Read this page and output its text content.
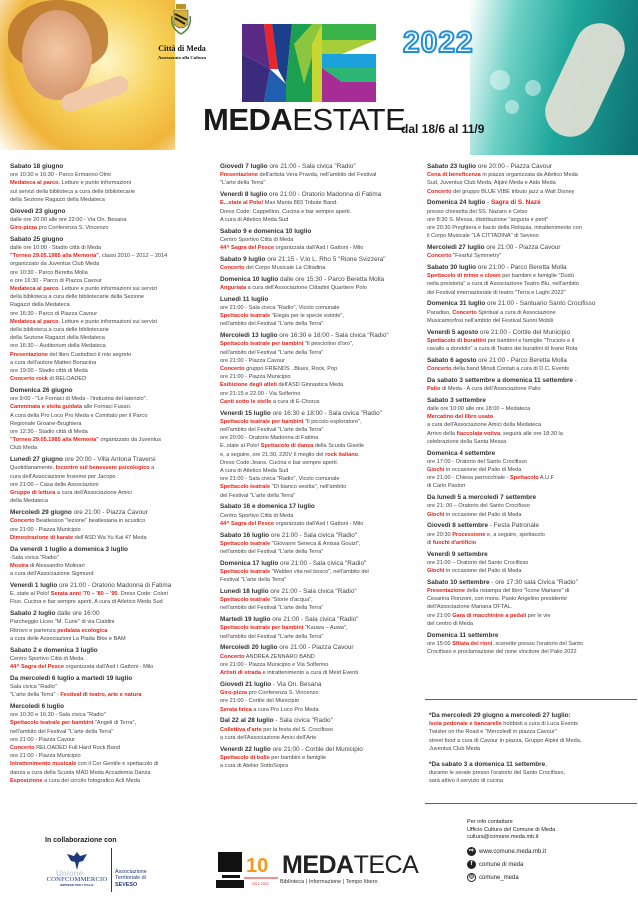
Città di Meda
Assessorato alla Cultura	2022
MEDAESTATE
dal 18/6 al 11/9
Sabato 18 giugno
ore 10:30 e 16:30 - Parco Ermanno Olmi
Medateca al parco. Letture e punto informazioni
sui servizi della biblioteca a cura delle bibliotecarie
della Sezione Ragazzi della Medateca
Giovedì 23 giugno
dalle ore 20:00 alle ore 22:00 - Via On. Besana
Giro-pizza pro Conferenza S. Vincenzo
Sabato 25 giugno
dalle ore 10:00 - Stadio città di Meda
"Torneo 29.05.1985 alla Memoria", classi 2010 – 2012 – 2014
organizzato da Juventus Club Meda
ore 10:30 - Parco Beretta Molla
e ore 16:30 - Parco di Piazza Cavour
Medateca al parco. Letture e punto informazioni sui servizi
della biblioteca a cura delle bibliotecarie della Sezione
Ragazzi della Medateca
ore 16:30 - Parco di Piazza Cavour
Medateca al parco. Letture e punto informazioni sui servizi
della biblioteca a cura delle bibliotecarie
della Sezione Ragazzi della Medateca
ore 16:30 – Auditorium della Medateca
Presentazione del libro Custodisci il mio segreto
a cura dell'autore Matteo Bonacina
ore 19:00 - Stadio città di Meda
Concerto rock di RELOADED
Domenica 26 giugno
ore 9:00 - "Le Fornaci di Meda - l'industria del laterizio".
Camminata e visita guidata alle Fornaci Fusari.
A cura della Pro Loco Pro Meda e Comitato per il Parco
Regionale Groane-Brughiera
ore 12:30 - Stadio città di Meda
"Torneo 29.05.1985 alla Memoria" organizzato da Juventus
Club Meda
Lunedì 27 giugno ore 20:00 - Villa Antona Traversi
Quotidianamente, Incontro sul benessere psicologico a
cura dell'Associazione Insieme per Jacopo
ore 21:00 – Casa delle Associazioni
Gruppo di lettura a cura dell'Associazione Amici
della Medateca
Mercoledì 29 giugno ore 21:00 - Piazza Cavour
Concerto Beatlesson "lezione" beatlesiana in acustico
ore 21:00 - Piazza Municipio
Dimostrazione di karate dell'ASD Wa Yu Kai 47 Meda
Da venerdì 1 luglio a domenica 3 luglio
-Sala civica "Radio"
Mostra di Alessandro Molinari
a cura dell'Associazione Sigmund
Venerdì 1 luglio ore 21:00 - Oratorio Madonna di Fatima
E..state al Polo! Serata anni '70 – '80 – '90. Dress Code: Colori
Fluo. Cucina e bar sempre aperti. A cura di Atletico Meda Sud
Sabato 2 luglio dalle ore 16:00
Parcheggio Liceo "M. Curie" di via Cialdini
Ritrovo e partenza pedalata ecologica
a cura delle Associazioni La Piada Bike e BAM
Sabato 2 e domenica 3 luglio
Centro Sportivo Città di Meda
44^ Sagra del Pesce organizzata dall'Asd I Gattoni - Milo
Da mercoledì 6 luglio a martedì 19 luglio
Sala civica "Radio"
"L'arte della Terra" - Festival di teatro, arte e natura
Mercoledì 6 luglio
ore 10:30 e 16:30 - Sala civica "Radio"
Spettacolo teatrale per bambini "Angeli di Terra",
nell'ambito del Festival "L'arte della Terra"
ore 21:00 - Piazza Cavour
Concerto RELOADED Full Hard Rock Band
ore 21:00 - Piazza Municipio
Intrattenimento musicale con il Cor Gentile e spettacolo di
danza a cura della Scuola MAD Meda Accademia Danza
Esposizione a cura del circolo fotografico Acli Meda
Giovedì 7 luglio ore 21:00 - Sala civica "Radio"
Presentazione dell'artista Vera Pravda, nell'ambito del Festival
"L'arte della Terra"
Venerdì 8 luglio ore 21:00 - Oratorio Madonna di Fatima
E...state al Polo! Max Mania 883 Tribute Band.
Dress Code: Cappellino. Cucina e bar sempre aperti.
A cura di Atletico Meda Sud
Sabato 9 e domenica 10 luglio
Centro Sportivo Città di Meda
44^ Sagra del Pesce organizzata dall'Asd I Gattoni - Milo
Sabato 9 luglio ore 21:15 - V.lo L. Rho 5 "Rione Svizzera"
Concerto del Corpo Musicale La Cittadina
Domenica 10 luglio dalle ore 15:30 - Parco Beretta Molla
Anguriata a cura dell'Associazione Cittadini Quartiere Polo
Lunedì 11 luglio
ore 21:00 - Sala civica "Radio", Vicolo comunale
Spettacolo teatrale "Elegia per le specie estinte",
nell'ambito del Festival "L'arte della Terra"
Mercoledì 13 luglio ore 16:30 e 18:00 - Sala civica "Radio"
Spettacolo teatrale per bambini "Il pesciolino d'oro",
nell'ambito del Festival "L'arte della Terra"
ore 21:00 - Piazza Cavour
Concerto gruppo FRIENDS ..Blues, Rock, Pop
ore 21:00 - Piazza Municipio
Esibizione degli atleti dell'ASD Ginnastica Meda
ore 21:15 e 22.00 - Via Solferino
Canti sotto le stelle a cura di E-Chorus
Venerdì 15 luglio ore 16:30 e 18:00 - Sala civica "Radio"
Spettacolo teatrale per bambini "Il piccolo esploratore",
nell'ambito del Festival "L'arte della Terra"
ore 20:00 - Oratorio Madonna di Fatima
E..state al Polo! Spettacolo di danza della Scuola Giselle
e, a seguire, ore 21:30, 220V Il meglio del rock italiano.
Dress Code:Jeans. Cucina e bar sempre aperti.
A cura di Atletico Meda Sud
ore 21:00 - Sala civica "Radio", Vicolo comunale
Spettacolo teatrale "Di bianco vestita", nell'ambito
del Festival "L'arte della Terra"
Sabato 16 e domenica 17 luglio
Centro Sportivo Città di Meda
44^ Sagra del Pesce organizzato dall'Asd I Gattoni - Milo
Sabato 16 luglio ore 21:00 - Sala civica "Radio"
Spettacolo teatrale "Giovanni Seneca & Anissa Gouizi",
nell'ambito del Festival "L'arte della Terra"
Domenica 17 luglio ore 21:00 - Sala civica "Radio"
Spettacolo teatrale "Walden vita nel bosco", nell'ambito del
Festival "L'arte della Terra"
Lunedì 18 luglio ore 21:00 - Sala civica "Radio"
Spettacolo teatrale "Storie d'acqua",
nell'ambito del Festival "L'arte della Terra"
Martedì 19 luglio ore 21:00 - Sala civica "Radio"
Spettacolo teatrale per bambini "Kauwa – Auwa",
nell'ambito del Festival "L'arte della Terra"
Mercoledì 20 luglio ore 21:00 - Piazza Cavour
Concerto ANDREA ZENNARO BAND
ore 21:00 - Piazza Municipio e Via Solferino
Artisti di strada e intrattenimento a cura di Meid Eventi
Giovedì 21 luglio - Via On. Besana
Giro-pizza pro Conferenza S. Vincenzo
ore 21:00 - Cortile del Municipio
Serata lirica a cura Pro Loco Pro Meda
Dal 22 al 28 luglio - Sala civica "Radio"
Collettiva d'arte per la festa del S. Crocifisso
a cura dell'Associazione Amici dell'Arte
Venerdì 22 luglio ore 21:00 - Cortile del Municipio
Spettacolo di bolle per bambini e famiglie
a cura di Atelier SottoSopra
Sabato 23 luglio ore 20:00 - Piazza Cavour
Cena di beneficenza in piazza organizzata da Atletico Meda
Sud, Juventus Club Meda, Alpini Meda e Aido Meda
Concerto del gruppo BLUE VIBE tributo jazz a Walt Disney
Domenica 24 luglio - Sagra di S. Nazé
presso chiesetta dei SS. Nazaro e Celso
ore 8:30 S. Messa, distribuzione "anguria e perit"
ore 20:30 Preghiera e bacio della Reliquia, intrattenimento con
il Corpo Musicale "LA CITTADINA" di Seveso
Mercoledì 27 luglio ore 21:00 - Piazza Cavour
Concerto "Fearful Symmetry"
Sabato 30 luglio ore 21:00 - Parco Beretta Molla
Spettacolo di mimo e clown per bambini e famiglie "Dudù
nella preistoria" a cura di Associazione Teatro Blu, nell'ambito
del Festival internazionale di teatro "Terra e Laghi 2022"
Domenica 31 luglio ore 21:00 - Santuario Santo Crocifisso
Paradiso, Concerto Spiritual a cura di Associazione
Musicamorfosi nell'ambito del Festival Suoni Mobili
Venerdì 5 agosto ore 21:00 - Cortile del Municipio
Spettacolo di burattini per bambini e famiglie "Truciolo e il
cavallo a dondolo" a cura di Teatro dei burattini di Ivano Rota
Sabato 6 agosto ore 21:00 - Parco Beretta Molla
Concerto della band Minuti Contati a cura di D.C. Events
Da sabato 3 settembre a domenica 11 settembre -
Palio di Meda - A cura dell'Associazione Palio
Sabato 3 settembre
dalle ore 10:00 alle ore 18:00 – Medateca
Mercatino del libro usato
a cura dell'Associazione Amici della Medateca
Arrivo della fiaccolata votiva, seguirà alle ore 18:30 la
celebrazione della Santa Messa
Domenica 4 settembre
ore 17:00 - Oratorio del Santo Crocifisso
Giochi in occasione del Palio di Meda
ore 21.00 - Chiesa parrocchiale - Spettacolo A.U.F
di Carlo Pastori
Da lunedì 5 a mercoledì 7 settembre
ore 21: 00 – Oratorio del Santo Crocifisso
Giochi in occasione del Palio di Meda
Giovedì 8 settembre - Festa Patronale
ore 20:30 Processione e, a seguire, spettacolo
di fuochi d'artificio
Venerdì 9 settembre
ore 21:00 – Oratorio del Santo Crocifisso
Giochi in occasione del Palio di Meda
Sabato 10 settembre - ore 17:30 sala Civica "Radio"
Presentazione della ristampa del libro "Icone Mariane" di
Cesarina Ronzoni, con mons. Paolo Angelino presidente
dell'Associazione Mariana OFTAL.
ore 21:00 Gara di macchinine a pedali per le vie
del centro di Meda
Domenica 11 settembre
ore 15:00 Sfilata dei rioni, scenette presso l'oratorio del Santo
Crocifisso e proclamazione del rione vincitore del Palio 2022
*Da mercoledì 29 giugno a mercoledì 27 luglio:
Isola pedonale e bancarelle hobbisti a cura di Luca Events
Twister on the Road e "Mercoledì in piazza Cavour"
street food a cura di Cavour in piazza, Gruppo Alpini di Meda,
Juventus Club Meda
*Da sabato 3 a domenica 11 settembre,
durante le serate presso l'oratorio del Santo Crocifisso,
sarà attivo il servizio di cucina
In collaborazione con
CONFCOMMERCIO
IMPRESE PER L'ITALIA
Unione	Associazione
Territoriale di
SEVESO
10
2012 2022
MEDATECA
Biblioteca | Informazione | Tempo libero
Per info contattare
Ufficio Cultura del Comune di Meda
cultura@comune.meda.mb.it
⇨ www.comune.meda.mb.it
f	comune di meda
◎ comune_meda
